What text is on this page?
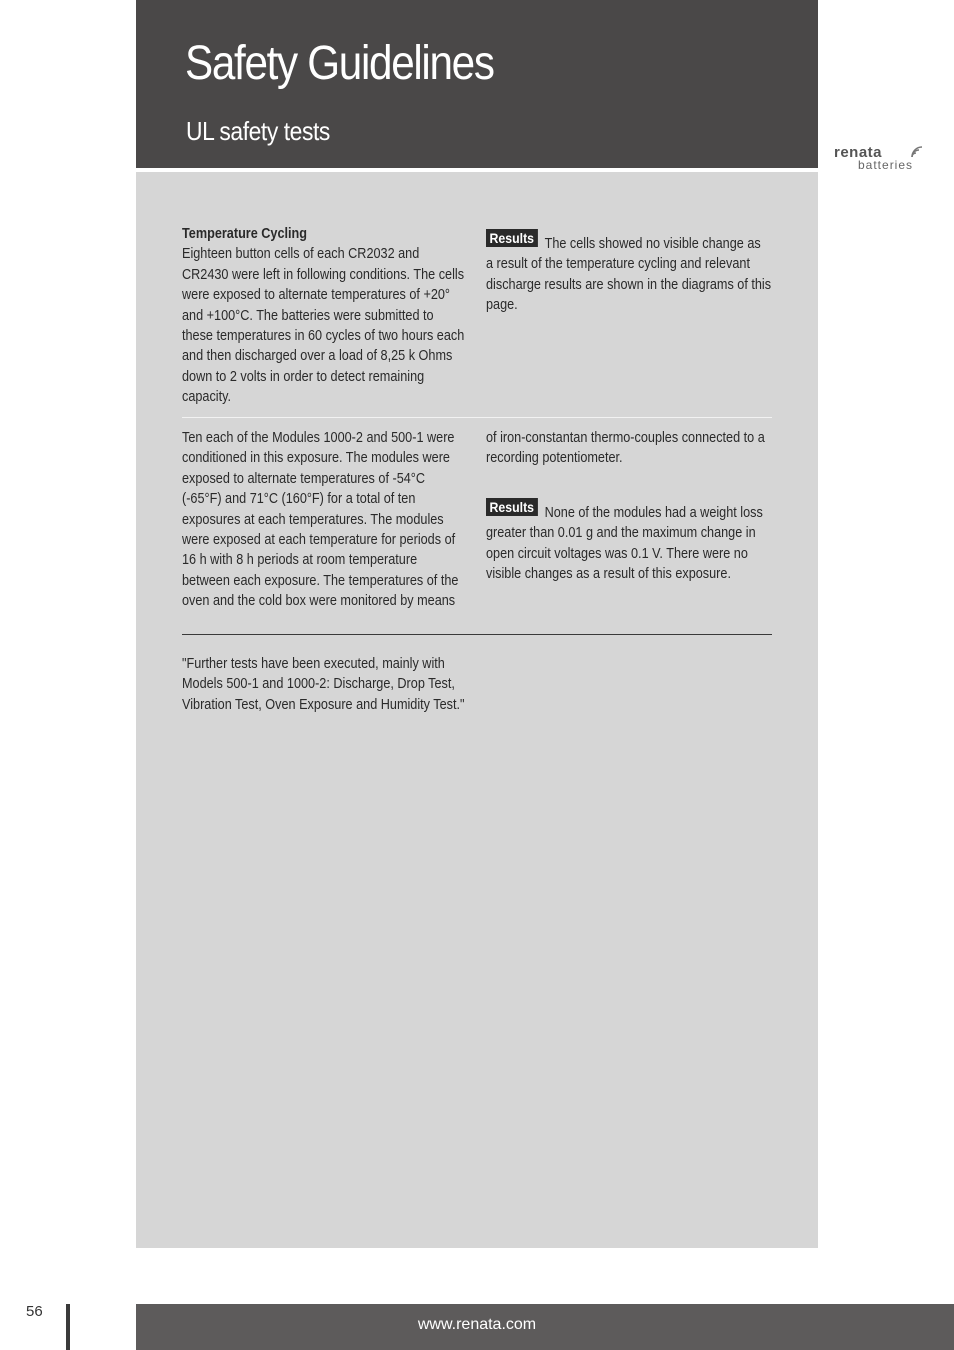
Safety Guidelines
UL safety tests
renata
batteries
Temperature Cycling
Eighteen button cells of each CR2032 and CR2430 were left in following conditions. The cells were exposed to alternate temperatures of +20° and +100°C. The batteries were submitted to these temperatures in 60 cycles of two hours each and then discharged over a load of 8,25 k Ohms down to 2 volts in order to detect remaining capacity.
Results The cells showed no visible change as a result of the temperature cycling and relevant discharge results are shown in the diagrams of this page.
Ten each of the Modules 1000-2 and 500-1 were conditioned in this exposure. The modules were exposed to alternate temperatures of -54°C (-65°F) and 71°C (160°F) for a total of ten exposures at each temperatures. The modules were exposed at each temperature for periods of 16 h with 8 h periods at room temperature between each exposure. The temperatures of the oven and the cold box were monitored by means
of iron-constantan thermo-couples connected to a recording potentiometer.
Results None of the modules had a weight loss greater than 0.01 g and the maximum change in open circuit voltages was 0.1 V. There were no visible changes as a result of this exposure.
"Further tests have been executed, mainly with Models 500-1 and 1000-2: Discharge, Drop Test, Vibration Test, Oven Exposure and Humidity Test."
56
www.renata.com
